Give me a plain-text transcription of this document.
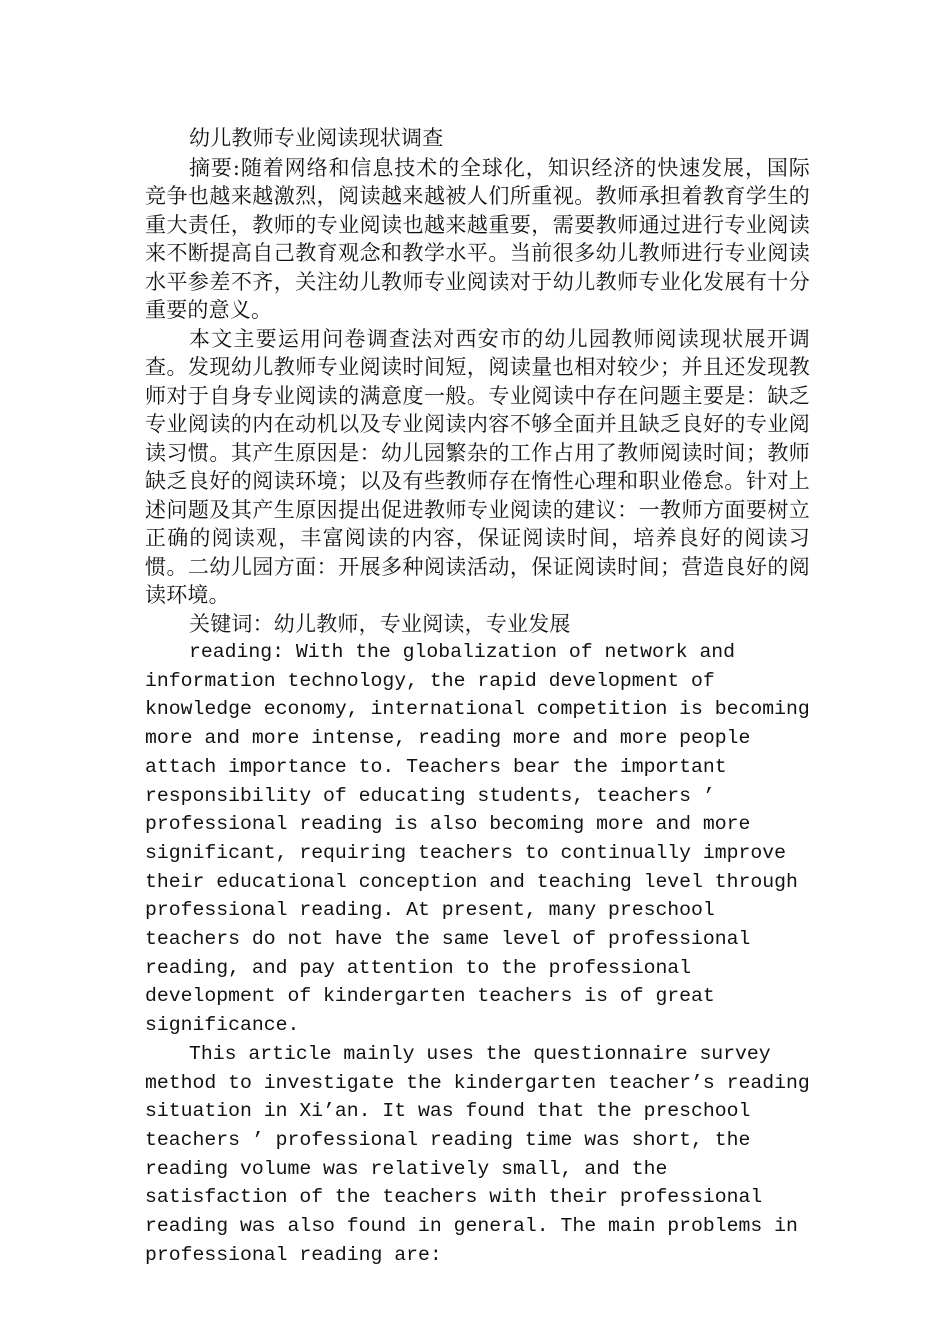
幼儿教师专业阅读现状调查

摘要:随着网络和信息技术的全球化，知识经济的快速发展，国际竞争也越来越激烈，阅读越来越被人们所重视。教师承担着教育学生的重大责任，教师的专业阅读也越来越重要，需要教师通过进行专业阅读来不断提高自己教育观念和教学水平。当前很多幼儿教师进行专业阅读水平参差不齐，关注幼儿教师专业阅读对于幼儿教师专业化发展有十分重要的意义。

本文主要运用问卷调查法对西安市的幼儿园教师阅读现状展开调查。发现幼儿教师专业阅读时间短，阅读量也相对较少；并且还发现教师对于自身专业阅读的满意度一般。专业阅读中存在问题主要是：缺乏专业阅读的内在动机以及专业阅读内容不够全面并且缺乏良好的专业阅读习惯。其产生原因是：幼儿园繁杂的工作占用了教师阅读时间；教师缺乏良好的阅读环境；以及有些教师存在惰性心理和职业倦怠。针对上述问题及其产生原因提出促进教师专业阅读的建议：一教师方面要树立正确的阅读观，丰富阅读的内容，保证阅读时间，培养良好的阅读习惯。二幼儿园方面：开展多种阅读活动，保证阅读时间；营造良好的阅读环境。

关键词：幼儿教师，专业阅读，专业发展

reading: With the globalization of network and information technology, the rapid development of knowledge economy, international competition is becoming more and more intense, reading more and more people attach importance to. Teachers bear the important responsibility of educating students, teachers ’ professional reading is also becoming more and more significant, requiring teachers to continually improve their educational conception and teaching level through professional reading. At present, many preschool teachers do not have the same level of professional reading, and pay attention to the professional development of kindergarten teachers is of great significance.

This article mainly uses the questionnaire survey method to investigate the kindergarten teacher’s reading situation in Xi’an. It was found that the preschool teachers ’ professional reading time was short, the reading volume was relatively small, and the satisfaction of the teachers with their professional reading was also found in general. The main problems in professional reading are:
